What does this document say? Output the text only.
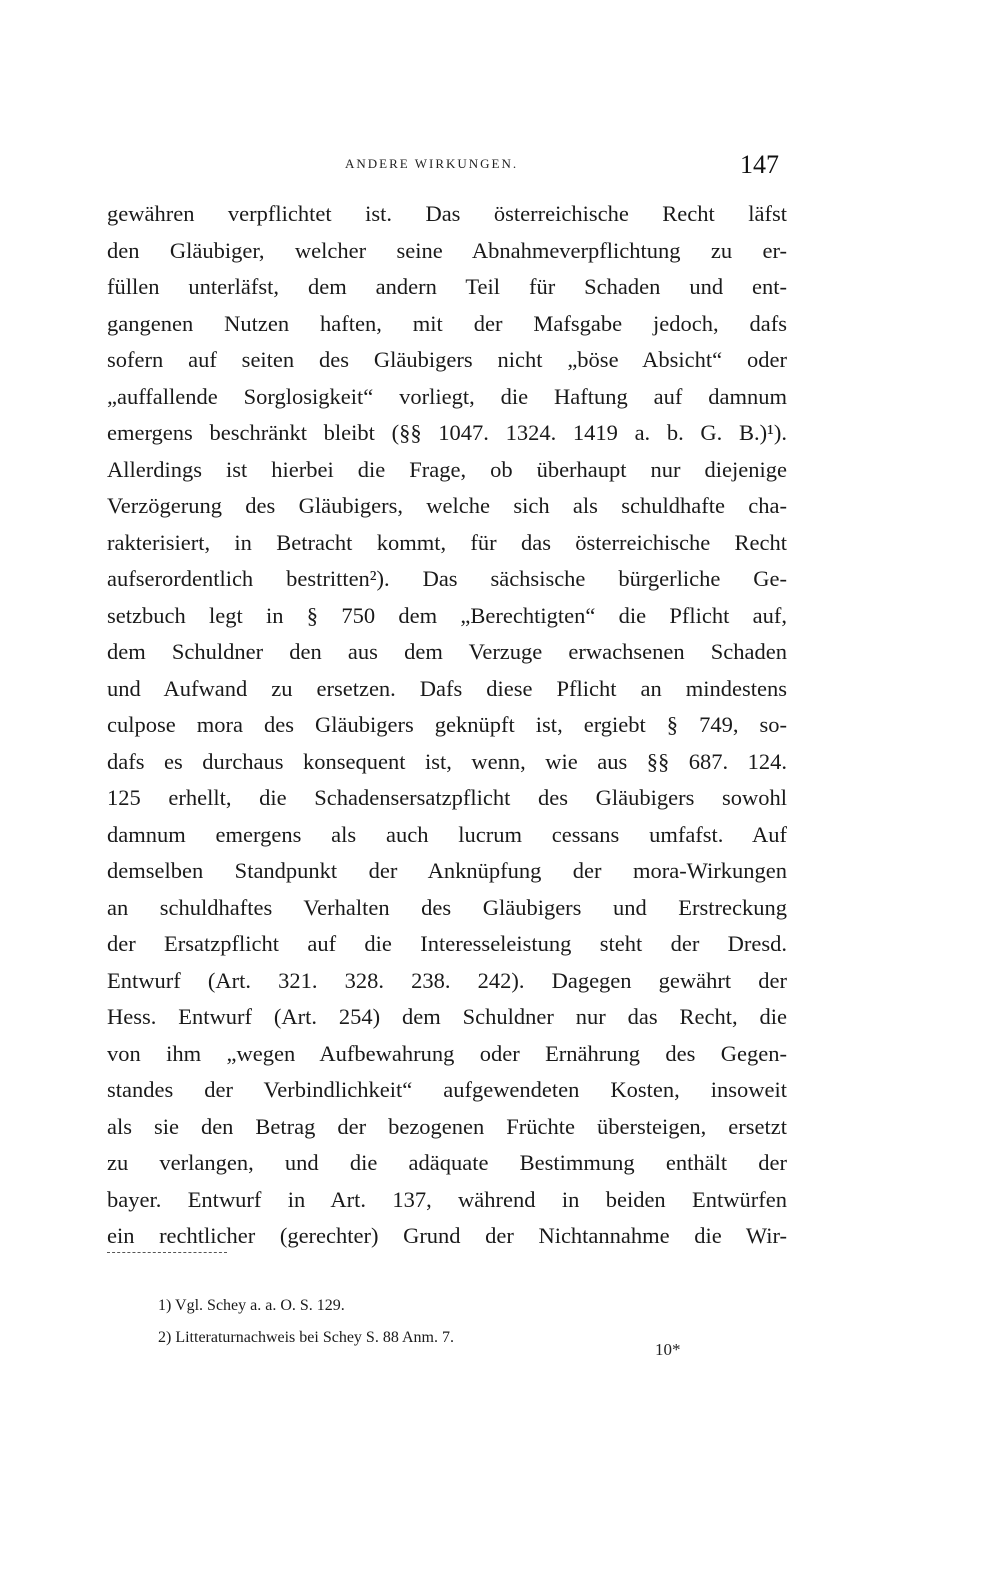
ANDERE WIRKUNGEN.	147
gewähren verpflichtet ist. Das österreichische Recht läfst
den Gläubiger, welcher seine Abnahmeverpflichtung zu er-
füllen unterläfst, dem andern Teil für Schaden und ent-
gangenen Nutzen haften, mit der Mafsgabe jedoch, dafs
sofern auf seiten des Gläubigers nicht „böse Absicht“ oder
„auffallende Sorglosigkeit“ vorliegt, die Haftung auf damnum
emergens beschränkt bleibt (§§ 1047. 1324. 1419 a. b. G. B.)¹).
Allerdings ist hierbei die Frage, ob überhaupt nur diejenige
Verzögerung des Gläubigers, welche sich als schuldhafte cha-
rakterisiert, in Betracht kommt, für das österreichische Recht
aufserordentlich bestritten²). Das sächsische bürgerliche Ge-
setzbuch legt in § 750 dem „Berechtigten“ die Pflicht auf,
dem Schuldner den aus dem Verzuge erwachsenen Schaden
und Aufwand zu ersetzen. Dafs diese Pflicht an mindestens
culpose mora des Gläubigers geknüpft ist, ergiebt § 749, so-
dafs es durchaus konsequent ist, wenn, wie aus §§ 687. 124.
125 erhellt, die Schadensersatzpflicht des Gläubigers sowohl
damnum emergens als auch lucrum cessans umfafst. Auf
demselben Standpunkt der Anknüpfung der mora-Wirkungen
an schuldhaftes Verhalten des Gläubigers und Erstreckung
der Ersatzpflicht auf die Interesseleistung steht der Dresd.
Entwurf (Art. 321. 328. 238. 242). Dagegen gewährt der
Hess. Entwurf (Art. 254) dem Schuldner nur das Recht, die
von ihm „wegen Aufbewahrung oder Ernährung des Gegen-
standes der Verbindlichkeit“ aufgewendeten Kosten, insoweit
als sie den Betrag der bezogenen Früchte übersteigen, ersetzt
zu verlangen, und die adäquate Bestimmung enthält der
bayer. Entwurf in Art. 137, während in beiden Entwürfen
ein rechtlicher (gerechter) Grund der Nichtannahme die Wir-
1) Vgl. Schey a. a. O. S. 129.
2) Litteraturnachweis bei Schey S. 88 Anm. 7.
10*
